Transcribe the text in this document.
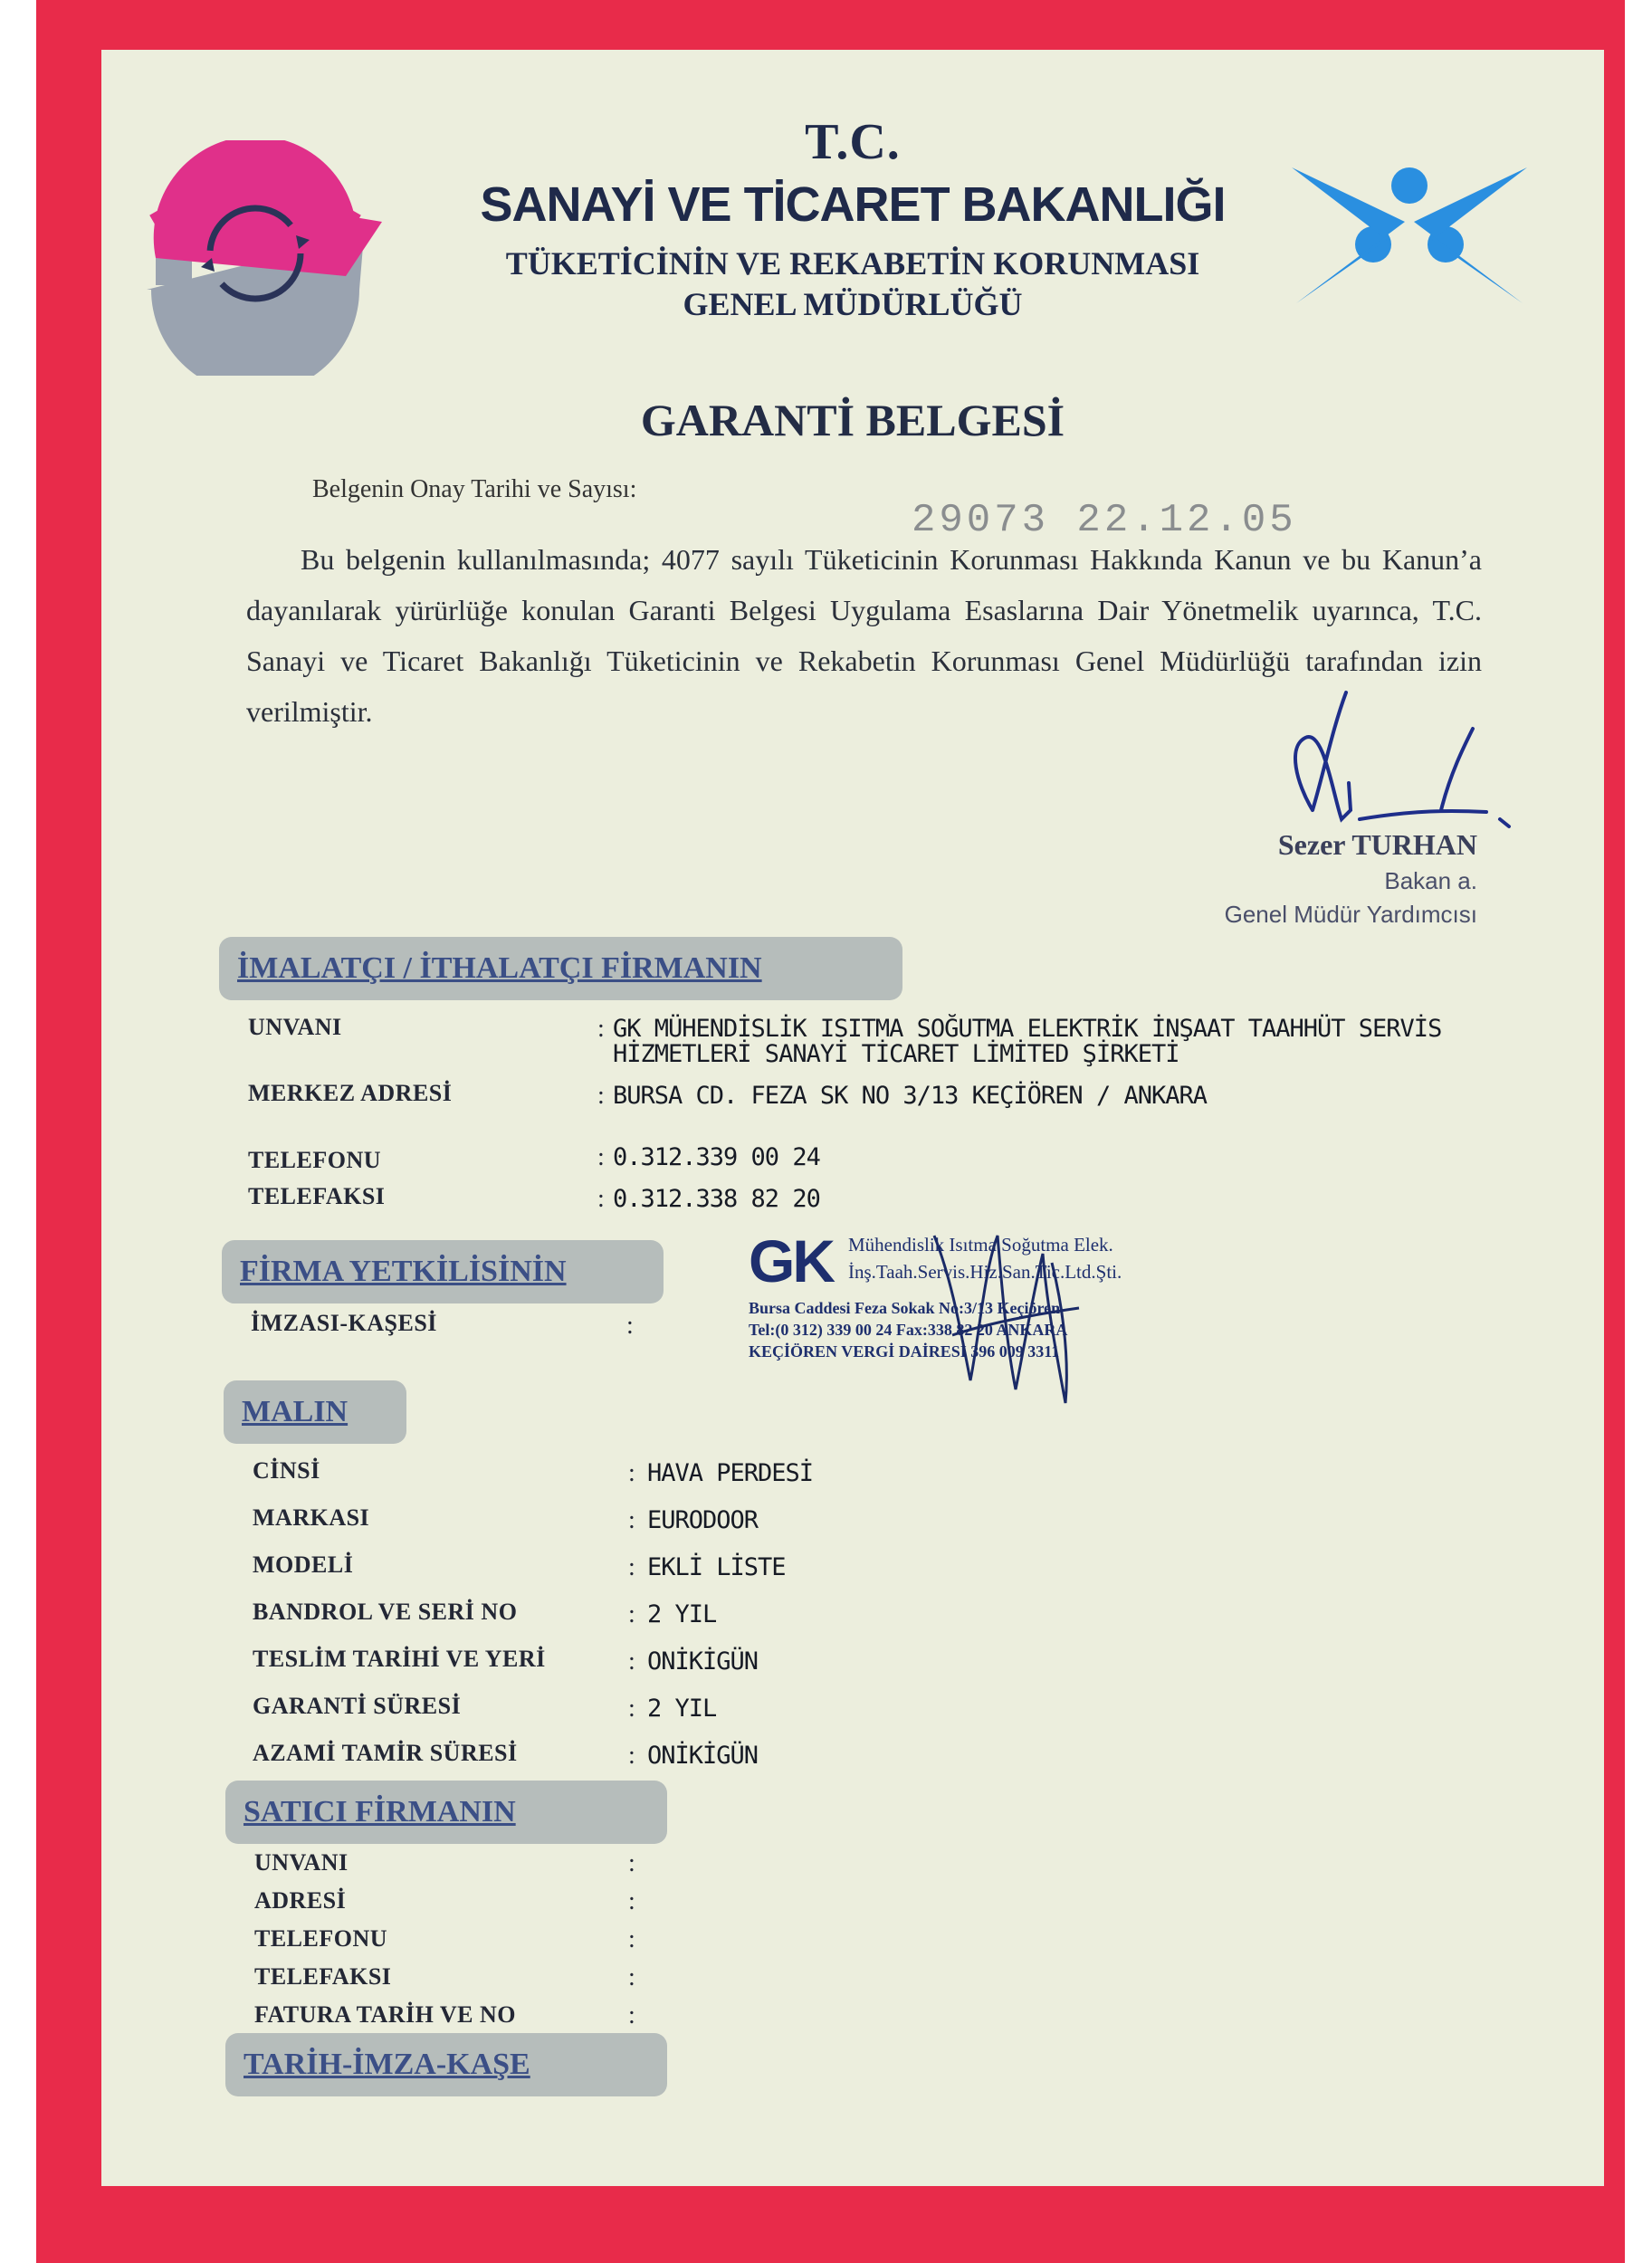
T.C.
SANAYİ VE TİCARET BAKANLIĞI
TÜKETİCİNİN VE REKABETİN KORUNMASI
GENEL MÜDÜRLÜĞÜ
GARANTİ BELGESİ
Belgenin Onay Tarihi ve Sayısı:
29073 22.12.05
Bu belgenin kullanılmasında; 4077 sayılı Tüketicinin Korunması Hakkında Kanun ve bu Kanun’a dayanılarak yürürlüğe konulan Garanti Belgesi Uygulama Esaslarına Dair Yönetmelik uyarınca, T.C. Sanayi ve Ticaret Bakanlığı Tüketicinin ve Rekabetin Korunması Genel Müdürlüğü tarafından izin verilmiştir.
Sezer TURHAN
Bakan a.
Genel Müdür Yardımcısı
İMALATÇI / İTHALATÇI FİRMANIN
UNVANI	: GK MÜHENDİSLİK ISITMA SOĞUTMA ELEKTRİK İNŞAAT TAAHHÜT SERVİS
HİZMETLERİ SANAYİ TİCARET LİMİTED ŞİRKETİ
MERKEZ ADRESİ	: BURSA CD. FEZA SK NO 3/13 KEÇİÖREN / ANKARA
TELEFONU	: 0.312.339 00 24
TELEFAKSI	: 0.312.338 82 20
FİRMA YETKİLİSİNİN
İMZASI-KAŞESİ	:
GK Mühendislik Isıtma Soğutma Elek.
İnş.Taah.Servis.Hiz.San.Tic.Ltd.Şti.
Bursa Caddesi Feza Sokak No:3/13 Keçiören
Tel:(0 312) 339 00 24 Fax:338 82 20 ANKARA
KEÇİÖREN VERGİ DAİRESİ 396 009 3311
MALIN
CİNSİ	: HAVA PERDESİ
MARKASI	: EURODOOR
MODELİ	: EKLİ LİSTE
BANDROL VE SERİ NO	: 2 YIL
TESLİM TARİHİ VE YERİ	: ONİKİGÜN
GARANTİ SÜRESİ	: 2 YIL
AZAMİ TAMİR SÜRESİ	: ONİKİGÜN
SATICI FİRMANIN
UNVANI	:
ADRESİ	:
TELEFONU	:
TELEFAKSI	:
FATURA TARİH VE NO	:
TARİH-İMZA-KAŞE
